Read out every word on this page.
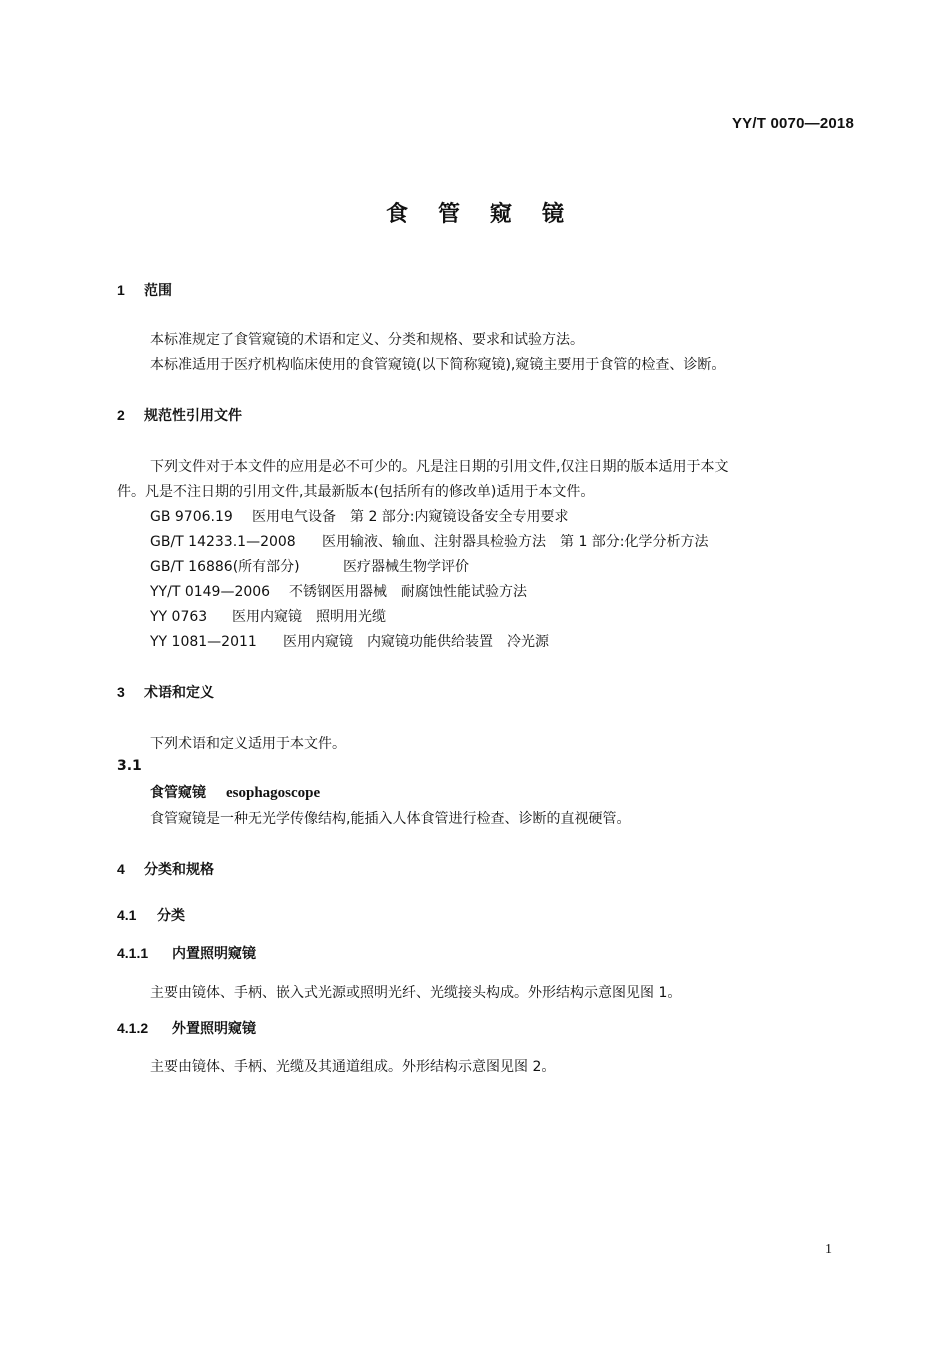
YY/T 0070—2018
食管窥镜
1 范围
本标准规定了食管窥镜的术语和定义、分类和规格、要求和试验方法。
本标准适用于医疗机构临床使用的食管窥镜(以下简称窥镜),窥镜主要用于食管的检查、诊断。
2 规范性引用文件
下列文件对于本文件的应用是必不可少的。凡是注日期的引用文件,仅注日期的版本适用于本文
件。凡是不注日期的引用文件,其最新版本(包括所有的修改单)适用于本文件。
GB 9706.19 医用电气设备　第 2 部分:内窥镜设备安全专用要求
GB/T 14233.1—2008 医用输液、输血、注射器具检验方法　第 1 部分:化学分析方法
GB/T 16886(所有部分)	医疗器械生物学评价
YY/T 0149—2006 不锈钢医用器械　耐腐蚀性能试验方法
YY 0763 医用内窥镜　照明用光缆
YY 1081—2011 医用内窥镜　内窥镜功能供给装置　冷光源
3 术语和定义
下列术语和定义适用于本文件。
3.1
食管窥镜 esophagoscope
食管窥镜是一种无光学传像结构,能插入人体食管进行检查、诊断的直视硬管。
4 分类和规格
4.1 分类
4.1.1 内置照明窥镜
主要由镜体、手柄、嵌入式光源或照明光纤、光缆接头构成。外形结构示意图见图 1。
4.1.2 外置照明窥镜
主要由镜体、手柄、光缆及其通道组成。外形结构示意图见图 2。
1
